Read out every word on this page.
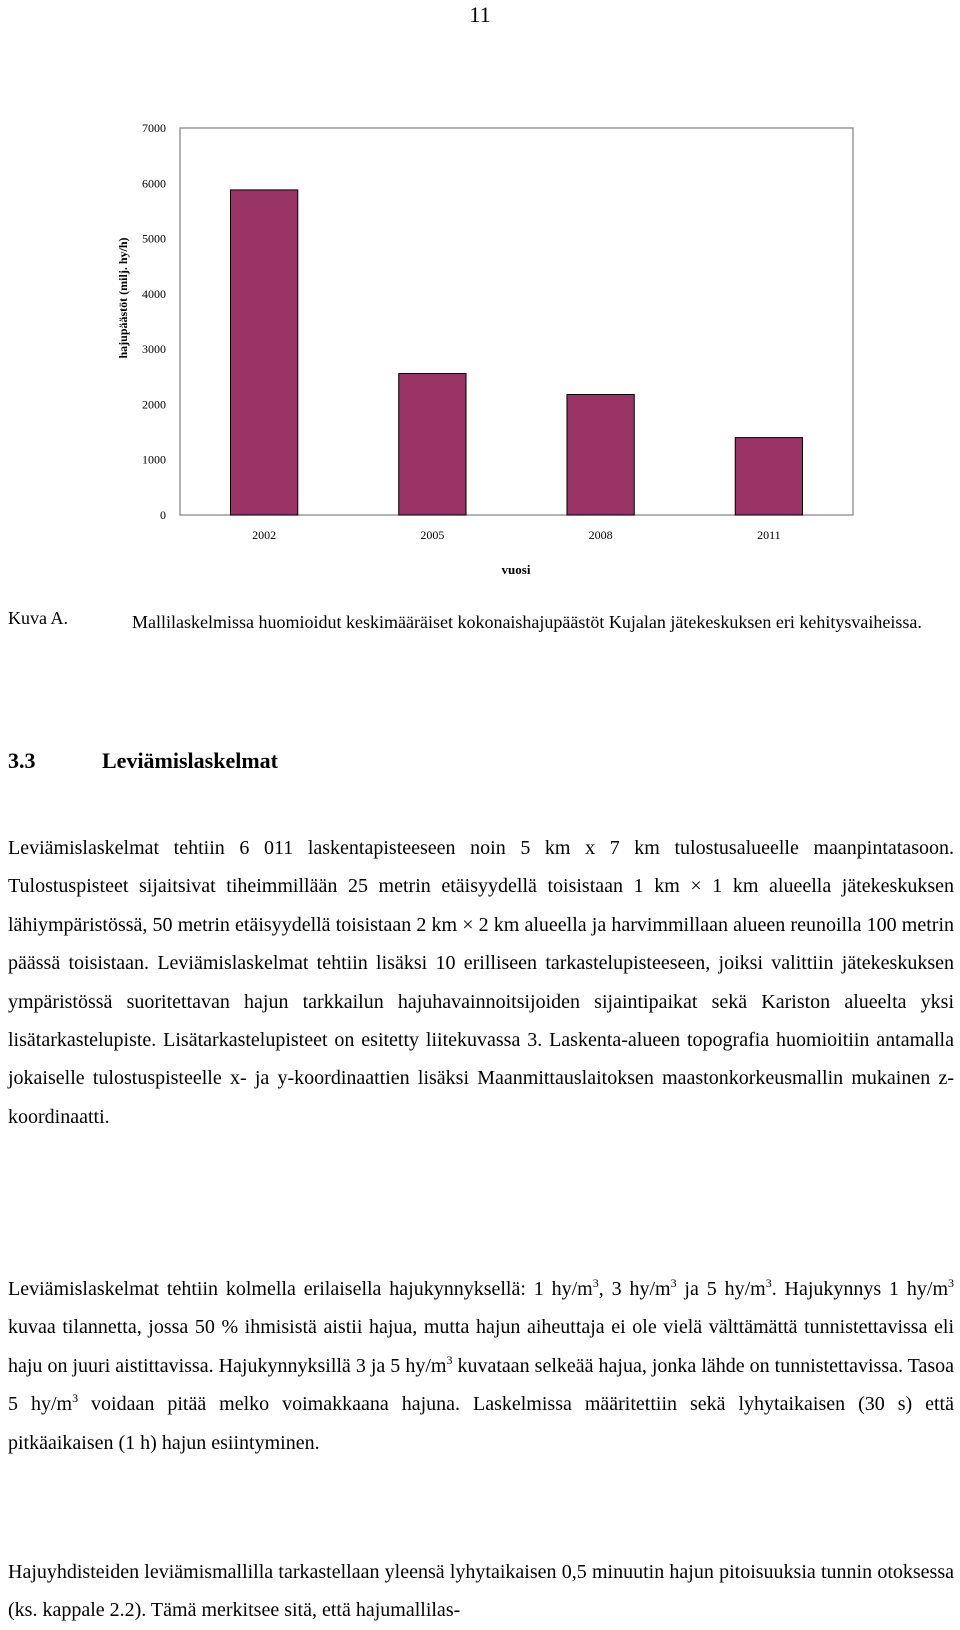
11
0
1000
2000
3000
4000
5000
6000
7000
2002	2005	2008	2011
hajupäästöt (milj. hy/h)
vuosi
Kuva A.	Mallilaskelmissa huomioidut keskimääräiset kokonaishajupäästöt Kujalan jätekeskuksen eri kehitysvaiheissa.
3.3	Leviämislaskelmat
Leviämislaskelmat tehtiin 6 011 laskentapisteeseen noin 5 km x 7 km tulostusalueelle maanpintatasoon. Tulostuspisteet sijaitsivat tiheimmillään 25 metrin etäisyydellä toisistaan 1 km × 1 km alueella jätekeskuksen lähiympäristössä, 50 metrin etäisyydellä toisistaan 2 km × 2 km alueella ja harvimmillaan alueen reunoilla 100 metrin päässä toisistaan. Leviämislaskelmat tehtiin lisäksi 10 erilliseen tarkastelupisteeseen, joiksi valittiin jätekeskuksen ympäristössä suoritettavan hajun tarkkailun hajuhavainnoitsijoiden sijaintipaikat sekä Kariston alueelta yksi lisätarkastelupiste. Lisätarkastelupisteet on esitetty liitekuvassa 3. Laskenta-alueen topografia huomioitiin antamalla jokaiselle tulostuspisteelle x- ja y-koordinaattien lisäksi Maanmittauslaitoksen maastonkorkeusmallin mukainen z-koordinaatti.
Leviämislaskelmat tehtiin kolmella erilaisella hajukynnyksellä: 1 $hy/m^3$, 3 $hy/m^3$ ja 5 $hy/m^3$. Hajukynnys 1 $hy/m^3$ kuvaa tilannetta, jossa 50 % ihmisistä aistii hajua, mutta hajun aiheuttaja ei ole vielä välttämättä tunnistettavissa eli haju on juuri aistittavissa. Hajukynnyksillä 3 ja 5 $hy/m^3$ kuvataan selkeää hajua, jonka lähde on tunnistettavissa. Tasoa 5 $hy/m^3$ voidaan pitää melko voimakkaana hajuna. Laskelmissa määritettiin sekä lyhytaikaisen (30 s) että pitkäaikaisen (1 h) hajun esiintyminen.
Hajuyhdisteiden leviämismallilla tarkastellaan yleensä lyhytaikaisen 0,5 minuutin hajun pitoisuuksia tunnin otoksessa (ks. kappale 2.2). Tämä merkitsee sitä, että hajumallilas-
